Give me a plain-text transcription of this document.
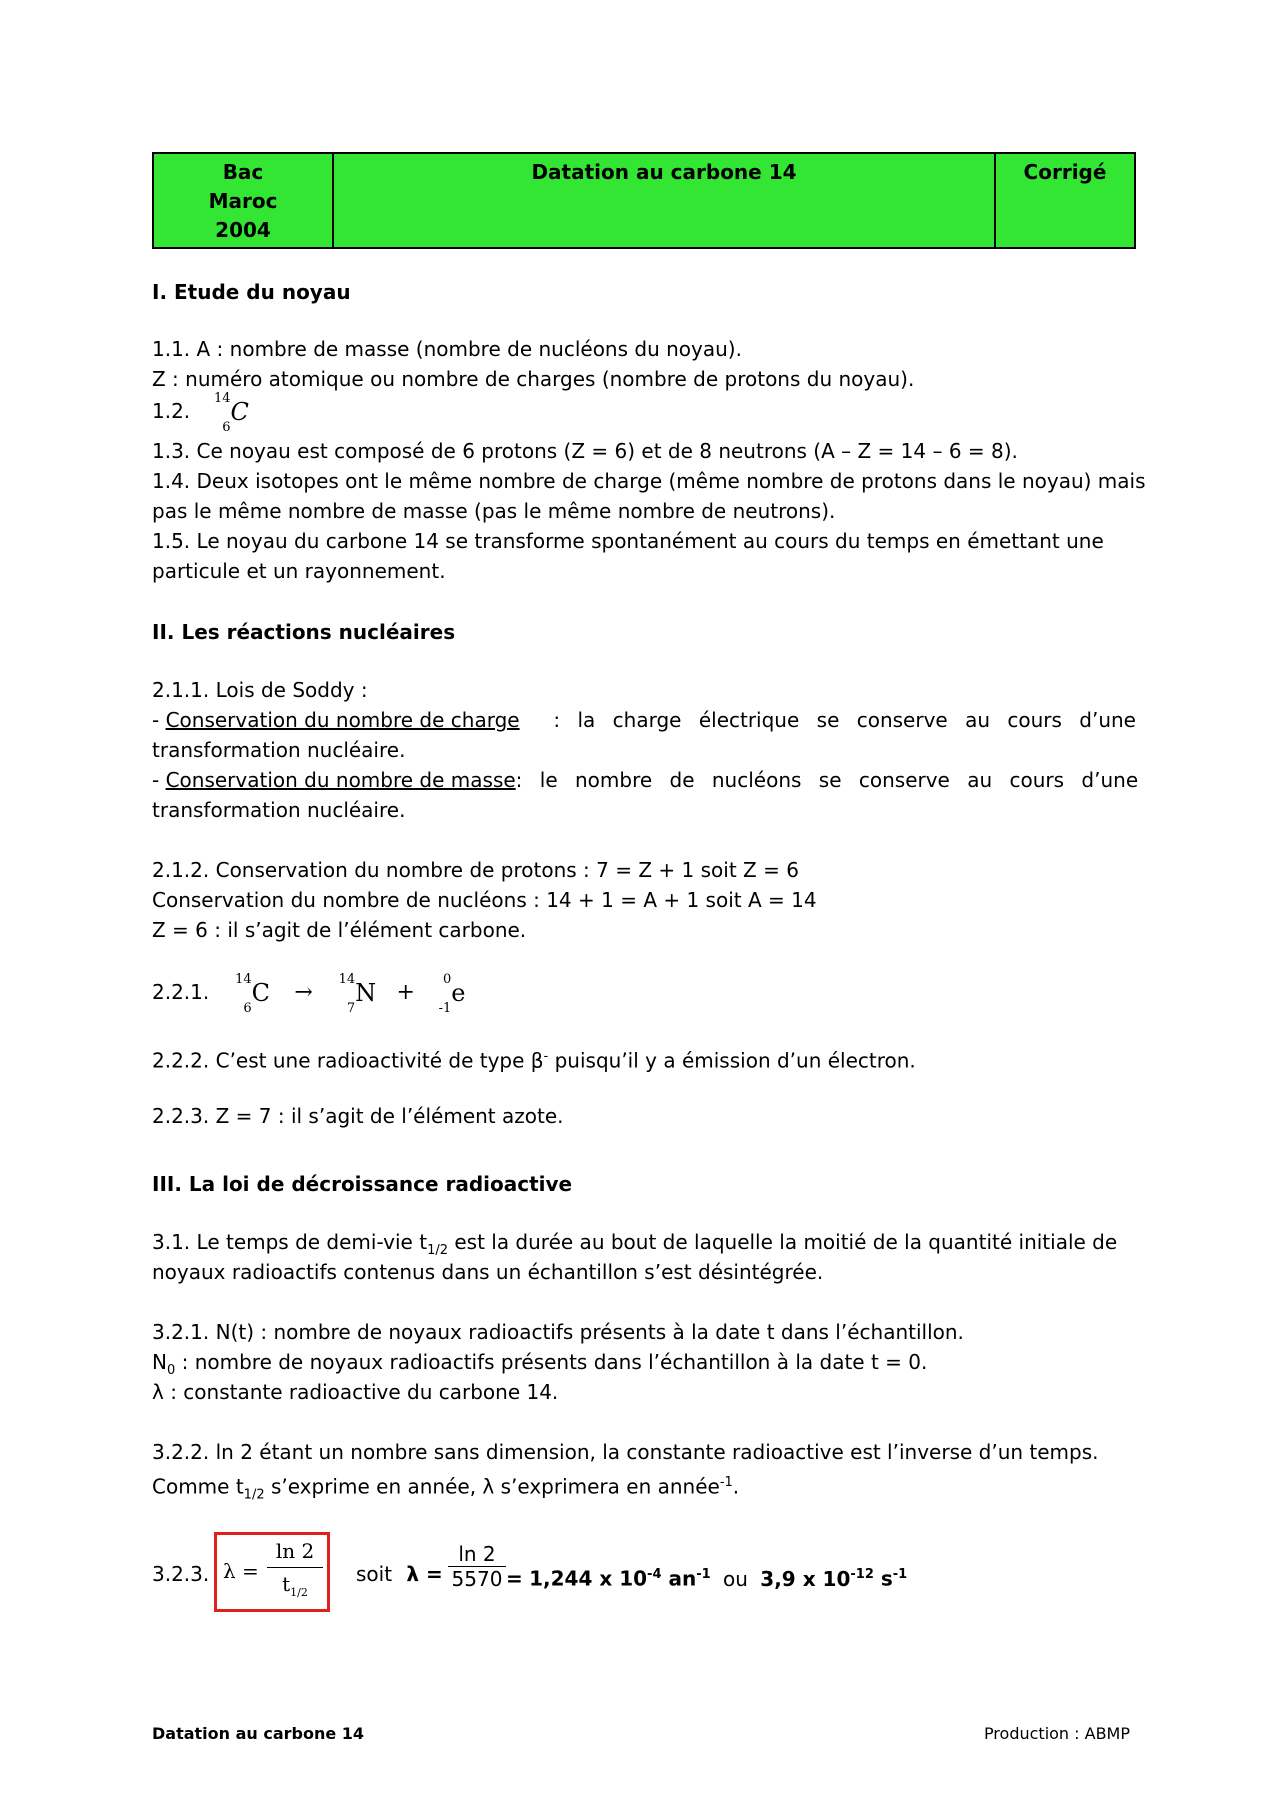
Bac Maroc 2004	Datation au carbone 14	Corrigé
I. Etude du noyau
1.1. A : nombre de masse (nombre de nucléons du noyau).
Z : numéro atomique ou nombre de charges (nombre de protons du noyau).
1.2.
14
6
C
1.3. Ce noyau est composé de 6 protons (Z = 6) et de 8 neutrons (A – Z = 14 – 6 = 8).
1.4. Deux isotopes ont le même nombre de charge (même nombre de protons dans le noyau) mais
pas le même nombre de masse (pas le même nombre de neutrons).
1.5. Le noyau du carbone 14 se transforme spontanément au cours du temps en émettant une
particule et un rayonnement.
II. Les réactions nucléaires
2.1.1. Lois de Soddy :
- Conservation du nombre de charge : la charge électrique se conserve au cours d’une
transformation nucléaire.
- Conservation du nombre de masse : le nombre de nucléons se conserve au cours d’une
transformation nucléaire.
2.1.2. Conservation du nombre de protons : 7 = Z + 1 soit Z = 6
Conservation du nombre de nucléons : 14 + 1 = A + 1 soit A = 14
Z = 6 : il s’agit de l’élément carbone.
2.2.1.
14
6
C →
14
7
N +
0
-1
e
2.2.2. C’est une radioactivité de type β- puisqu’il y a émission d’un électron.
2.2.3. Z = 7 : il s’agit de l’élément azote.
III. La loi de décroissance radioactive
3.1. Le temps de demi-vie $t_{1/2}$ est la durée au bout de laquelle la moitié de la quantité initiale de
noyaux radioactifs contenus dans un échantillon s’est désintégrée.
3.2.1. N(t) : nombre de noyaux radioactifs présents à la date t dans l’échantillon.
$N_0$ : nombre de noyaux radioactifs présents dans l’échantillon à la date t = 0.
λ : constante radioactive du carbone 14.
3.2.2. ln 2 étant un nombre sans dimension, la constante radioactive est l’inverse d’un temps.
Comme $t_{1/2}$ s’exprime en année, λ s’exprimera en année$^{-1}$.
3.2.3. λ =
ln 2
$t_{1/2}$
soit λ =
ln 2
5570 = 1,244 x $10^{-4}$ $an^{-1}$ ou 3,9 x $10^{-12}$ $s^{-1}$
Datation au carbone 14	Production : ABMP
